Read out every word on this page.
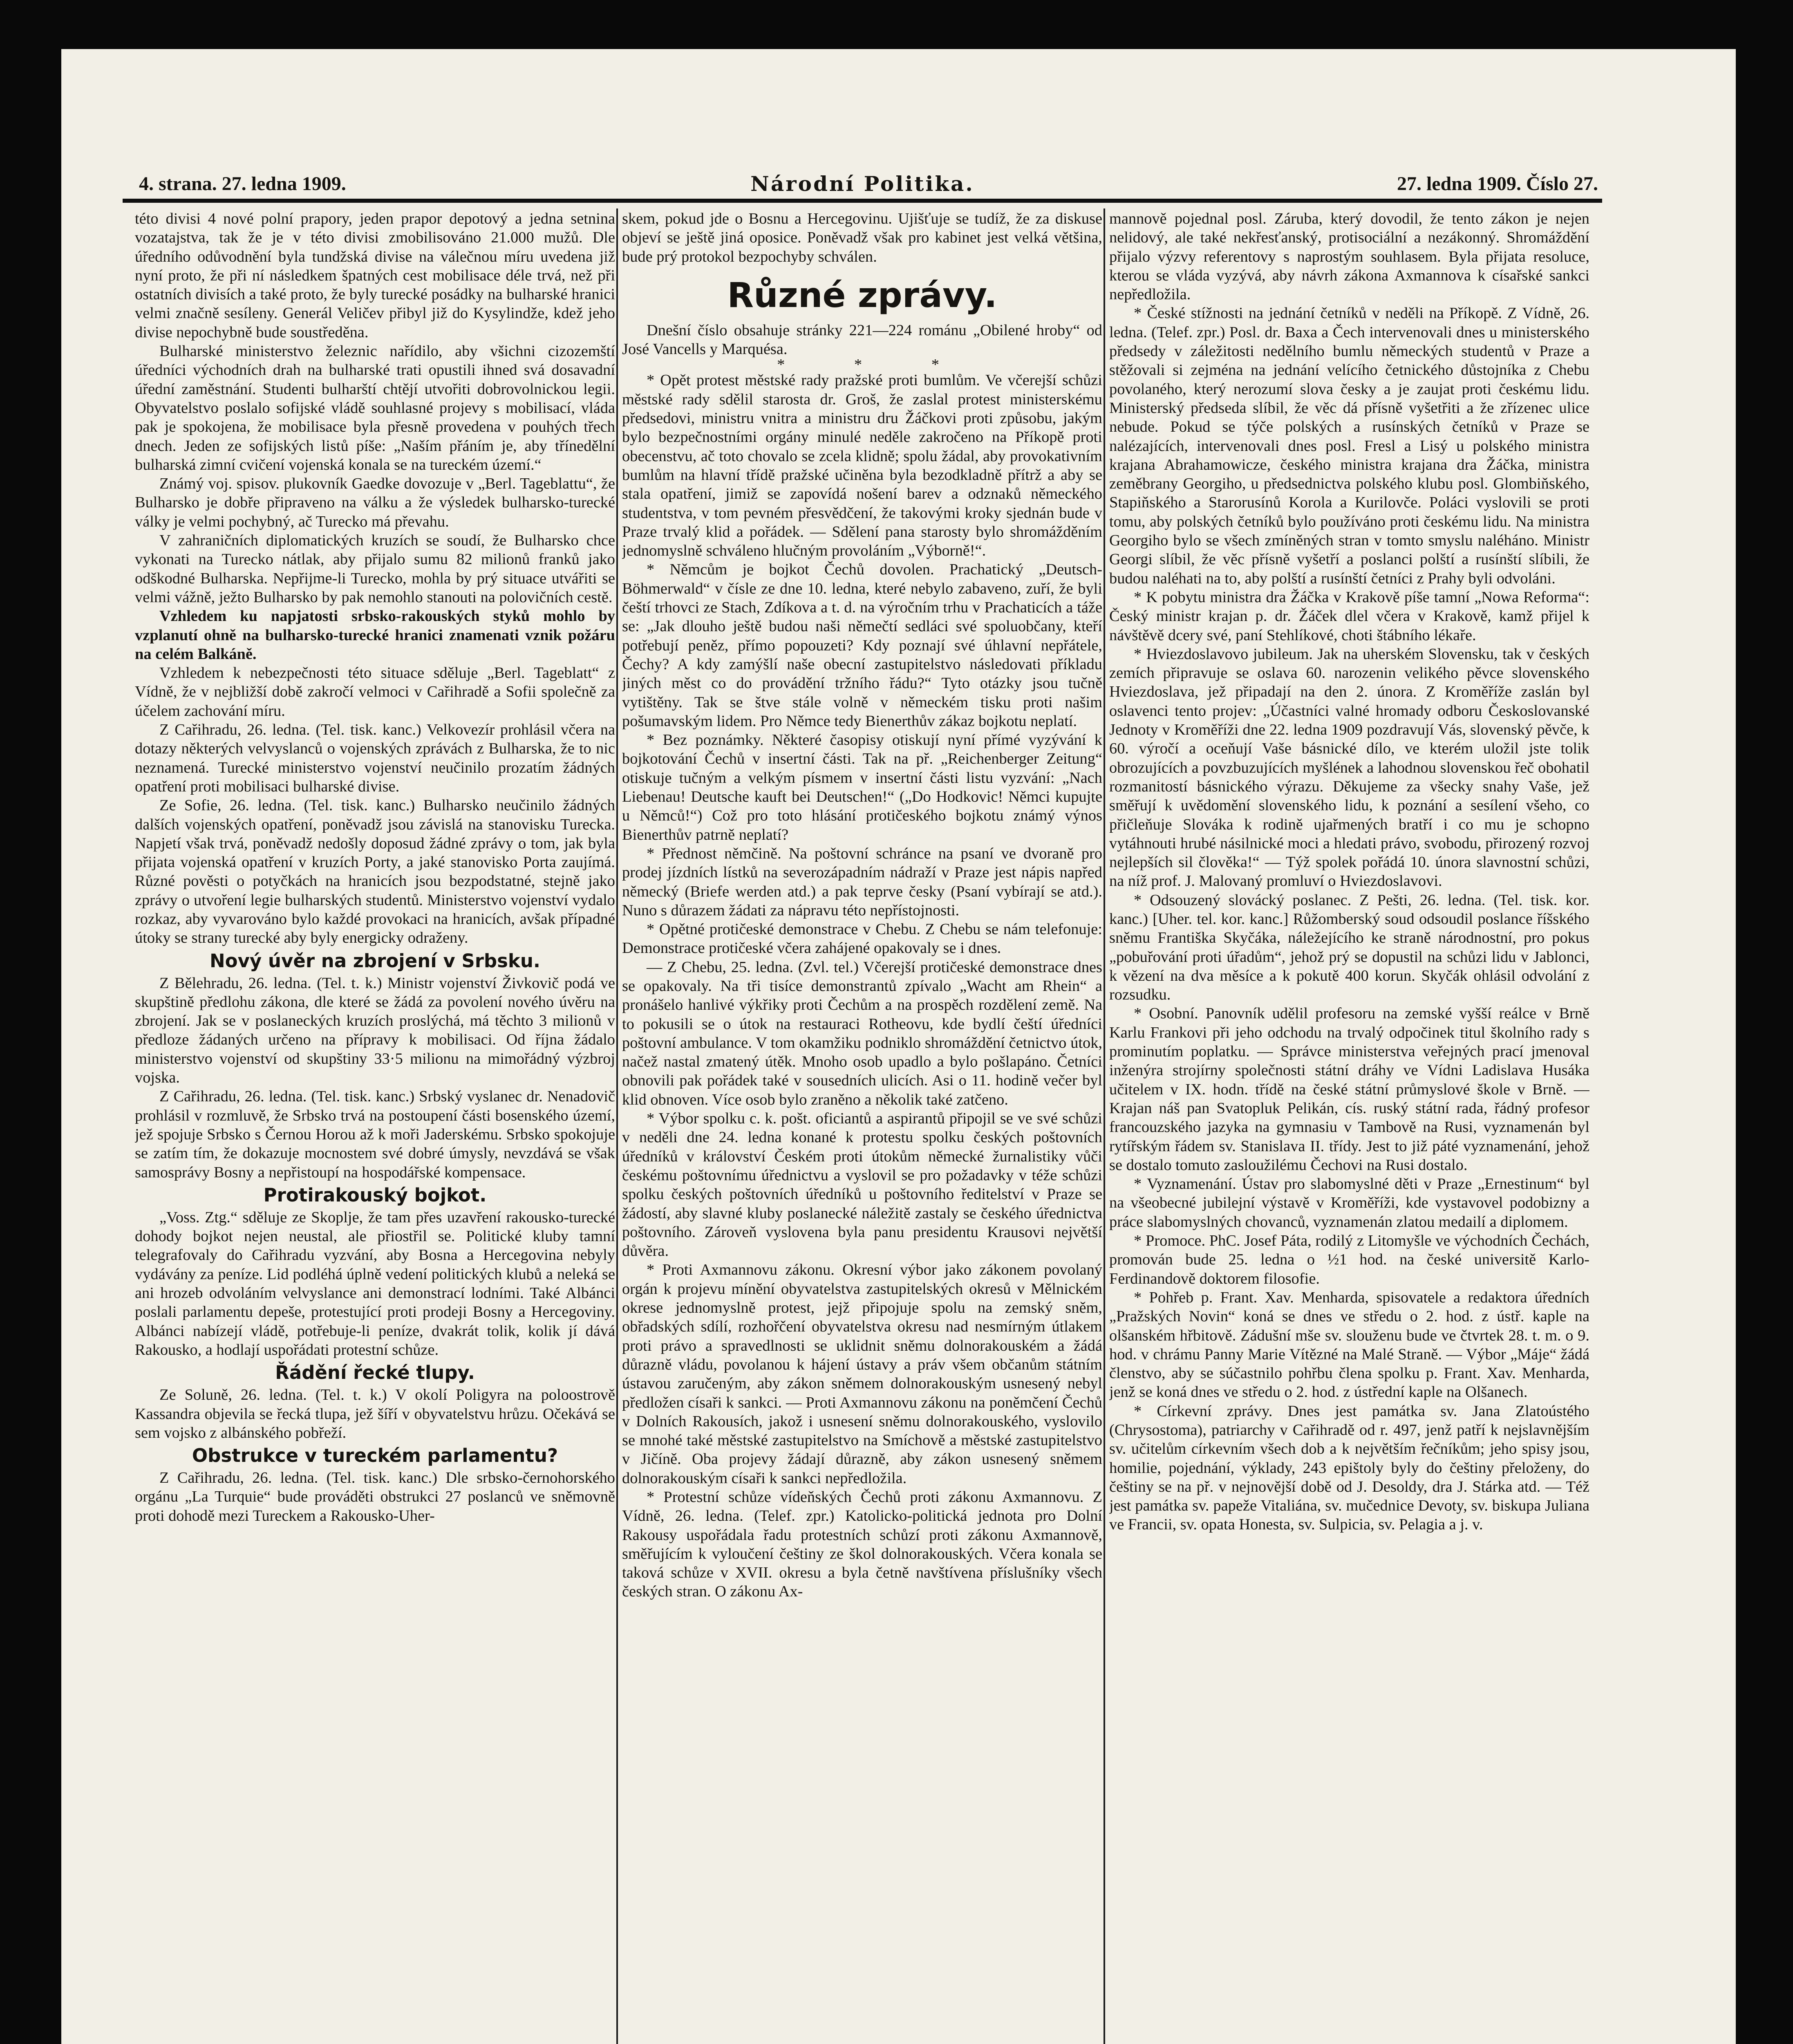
4. strana. 27. ledna 1909.	Národní Politika.	27. ledna 1909. Číslo 27.

této divisi 4 nové polní prapory, jeden prapor depotový a jedna setnina vozatajstva, tak že je v této divisi zmobilisováno 21.000 mužů. Dle úředního odůvodnění byla tundžská divise na válečnou míru uvedena již nyní proto, že při ní následkem špatných cest mobilisace déle trvá, než při ostatních divisích a také proto, že byly turecké posádky na bulharské hranici velmi značně sesíleny. Generál Veličev přibyl již do Kysylindže, kdež jeho divise nepochybně bude soustředěna.

Bulharské ministerstvo železnic nařídilo, aby všichni cizozemští úředníci východních drah na bulharské trati opustili ihned svá dosavadní úřední zaměstnání. Studenti bulharští chtějí utvořiti dobrovolnickou legii. Obyvatelstvo poslalo sofijské vládě souhlasné projevy s mobilisací, vláda pak je spokojena, že mobilisace byla přesně provedena v pouhých třech dnech. Jeden ze sofijských listů píše: „Naším přáním je, aby třínedělní bulharská zimní cvičení vojenská konala se na tureckém území.“

Známý voj. spisov. plukovník Gaedke dovozuje v „Berl. Tageblattu“, že Bulharsko je dobře připraveno na válku a že výsledek bulharsko-turecké války je velmi pochybný, ač Turecko má převahu.

V zahraničních diplomatických kruzích se soudí, že Bulharsko chce vykonati na Turecko nátlak, aby přijalo sumu 82 milionů franků jako odškodné Bulharska. Nepřijme-li Turecko, mohla by prý situace utvářiti se velmi vážně, ježto Bulharsko by pak nemohlo stanouti na polovičních cestě.

Vzhledem ku napjatosti srbsko-rakouských styků mohlo by vzplanutí ohně na bulharsko-turecké hranici znamenati vznik požáru na celém Balkáně.

Vzhledem k nebezpečnosti této situace sděluje „Berl. Tageblatt“ z Vídně, že v nejbližší době zakročí velmoci v Cařihradě a Sofii společně za účelem zachování míru.

Z Cařihradu, 26. ledna. (Tel. tisk. kanc.) Velkovezír prohlásil včera na dotazy některých velvyslanců o vojenských zprávách z Bulharska, že to nic neznamená. Turecké ministerstvo vojenství neučinilo prozatím žádných opatření proti mobilisaci bulharské divise.

Ze Sofie, 26. ledna. (Tel. tisk. kanc.) Bulharsko neučinilo žádných dalších vojenských opatření, poněvadž jsou závislá na stanovisku Turecka. Napjetí však trvá, poněvadž nedošly doposud žádné zprávy o tom, jak byla přijata vojenská opatření v kruzích Porty, a jaké stanovisko Porta zaujímá. Různé pověsti o potyčkách na hranicích jsou bezpodstatné, stejně jako zprávy o utvoření legie bulharských studentů. Ministerstvo vojenství vydalo rozkaz, aby vyvarováno bylo každé provokaci na hranicích, avšak případné útoky se strany turecké aby byly energicky odraženy.

Nový úvěr na zbrojení v Srbsku.

Z Bělehradu, 26. ledna. (Tel. t. k.) Ministr vojenství Živkovič podá ve skupštině předlohu zákona, dle které se žádá za povolení nového úvěru na zbrojení. Jak se v poslaneckých kruzích proslýchá, má těchto 3 milionů v předloze žádaných určeno na přípravy k mobilisaci. Od října žádalo ministerstvo vojenství od skupštiny 33·5 milionu na mimořádný výzbroj vojska.

Z Cařihradu, 26. ledna. (Tel. tisk. kanc.) Srbský vyslanec dr. Nenadovič prohlásil v rozmluvě, že Srbsko trvá na postoupení části bosenského území, jež spojuje Srbsko s Černou Horou až k moři Jaderskému. Srbsko spokojuje se zatím tím, že dokazuje mocnostem své dobré úmysly, nevzdává se však samosprávy Bosny a nepřistoupí na hospodářské kompensace.

Protirakouský bojkot.

„Voss. Ztg.“ sděluje ze Skoplje, že tam přes uzavření rakousko-turecké dohody bojkot nejen neustal, ale přiostřil se. Politické kluby tamní telegrafovaly do Cařihradu vyzvání, aby Bosna a Hercegovina nebyly vydávány za peníze. Lid podléhá úplně vedení politických klubů a neleká se ani hrozeb odvoláním velvyslance ani demonstrací lodními. Také Albánci poslali parlamentu depeše, protestující proti prodeji Bosny a Hercegoviny. Albánci nabízejí vládě, potřebuje-li peníze, dvakrát tolik, kolik jí dává Rakousko, a hodlají uspořádati protestní schůze.

Řádění řecké tlupy.

Ze Soluně, 26. ledna. (Tel. t. k.) V okolí Poligyra na poloostrově Kassandra objevila se řecká tlupa, jež šíří v obyvatelstvu hrůzu. Očekává se sem vojsko z albánského pobřeží.

Obstrukce v tureckém parlamentu?

Z Cařihradu, 26. ledna. (Tel. tisk. kanc.) Dle srbsko-černohorského orgánu „La Turquie“ bude prováděti obstrukci 27 poslanců ve sněmovně proti dohodě mezi Tureckem a Rakousko-Uher-

skem, pokud jde o Bosnu a Hercegovinu. Ujišťuje se tudíž, že za diskuse objeví se ještě jiná oposice. Poněvadž však pro kabinet jest velká většina, bude prý protokol bezpochyby schválen.

Různé zprávy.

Dnešní číslo obsahuje stránky 221—224 románu „Obilené hroby“ od José Vancells y Marquésa.

* * *

* Opět protest městské rady pražské proti bumlům. Ve včerejší schůzi městské rady sdělil starosta dr. Groš, že zaslal protest ministerskému předsedovi, ministru vnitra a ministru dru Žáčkovi proti způsobu, jakým bylo bezpečnostními orgány minulé neděle zakročeno na Příkopě proti obecenstvu, ač toto chovalo se zcela klidně; spolu žádal, aby provokativním bumlům na hlavní třídě pražské učiněna byla bezodkladně přítrž a aby se stala opatření, jimiž se zapovídá nošení barev a odznaků německého studentstva, v tom pevném přesvědčení, že takovými kroky sjednán bude v Praze trvalý klid a pořádek. — Sdělení pana starosty bylo shromážděním jednomyslně schváleno hlučným provoláním „Výborně!“.

* Němcům je bojkot Čechů dovolen. Prachatický „Deutsch-Böhmerwald“ v čísle ze dne 10. ledna, které nebylo zabaveno, zuří, že byli čeští trhovci ze Stach, Zdíkova a t. d. na výročním trhu v Prachaticích a táže se: „Jak dlouho ještě budou naši němečtí sedláci své spoluobčany, kteří potřebují peněz, přímo popouzeti? Kdy poznají své úhlavní nepřátele, Čechy? A kdy zamýšlí naše obecní zastupitelstvo následovati příkladu jiných měst co do provádění tržního řádu?“ Tyto otázky jsou tučně vytištěny. Tak se štve stále volně v německém tisku proti našim pošumavským lidem. Pro Němce tedy Bienerthův zákaz bojkotu neplatí.

* Bez poznámky. Některé časopisy otiskují nyní přímé vyzývání k bojkotování Čechů v insertní části. Tak na př. „Reichenberger Zeitung“ otiskuje tučným a velkým písmem v insertní části listu vyzvání: „Nach Liebenau! Deutsche kauft bei Deutschen!“ („Do Hodkovic! Němci kupujte u Němců!“) Což pro toto hlásání protičeského bojkotu známý výnos Bienerthův patrně neplatí?

* Přednost němčině. Na poštovní schránce na psaní ve dvoraně pro prodej jízdních lístků na severozápadním nádraží v Praze jest nápis napřed německý (Briefe werden atd.) a pak teprve česky (Psaní vybírají se atd.). Nuno s důrazem žádati za nápravu této nepřístojnosti.

* Opětné protičeské demonstrace v Chebu. Z Chebu se nám telefonuje: Demonstrace protičeské včera zahájené opakovaly se i dnes.

— Z Chebu, 25. ledna. (Zvl. tel.) Včerejší protičeské demonstrace dnes se opakovaly. Na tři tisíce demonstrantů zpívalo „Wacht am Rhein“ a pronášelo hanlivé výkřiky proti Čechům a na prospěch rozdělení země. Na to pokusili se o útok na restauraci Rotheovu, kde bydlí čeští úředníci poštovní ambulance. V tom okamžiku podniklo shromáždění četnictvo útok, načež nastal zmatený útěk. Mnoho osob upadlo a bylo pošlapáno. Četníci obnovili pak pořádek také v sousedních ulicích. Asi o 11. hodině večer byl klid obnoven. Více osob bylo zraněno a několik také zatčeno.

* Výbor spolku c. k. pošt. oficiantů a aspirantů připojil se ve své schůzi v neděli dne 24. ledna konané k protestu spolku českých poštovních úředníků v království Českém proti útokům německé žurnalistiky vůči českému poštovnímu úřednictvu a vyslovil se pro požadavky v téže schůzi spolku českých poštovních úředníků u poštovního ředitelství v Praze se žádostí, aby slavné kluby poslanecké náležitě zastaly se českého úřednictva poštovního. Zároveň vyslovena byla panu presidentu Krausovi největší důvěra.

* Proti Axmannovu zákonu. Okresní výbor jako zákonem povolaný orgán k projevu mínění obyvatelstva zastupitelských okresů v Mělnickém okrese jednomyslně protest, jejž připojuje spolu na zemský sněm, obřadských sdílí, rozhořčení obyvatelstva okresu nad nesmírným útlakem proti právo a spravedlnosti se uklidnit sněmu dolnorakouském a žádá důrazně vládu, povolanou k hájení ústavy a práv všem občanům státním ústavou zaručeným, aby zákon sněmem dolnorakouským usnesený nebyl předložen císaři k sankci. — Proti Axmannovu zákonu na poněmčení Čechů v Dolních Rakousích, jakož i usnesení sněmu dolnorakouského, vyslovilo se mnohé také městské zastupitelstvo na Smíchově a městské zastupitelstvo v Jičíně. Oba projevy žádají důrazně, aby zákon usnesený sněmem dolnorakouským císaři k sankci nepředložila.

* Protestní schůze vídeňských Čechů proti zákonu Axmannovu. Z Vídně, 26. ledna. (Telef. zpr.) Katolicko-politická jednota pro Dolní Rakousy uspořádala řadu protestních schůzí proti zákonu Axmannově, směřujícím k vyloučení češtiny ze škol dolnorakouských. Včera konala se taková schůze v XVII. okresu a byla četně navštívena příslušníky všech českých stran. O zákonu Ax-

mannově pojednal posl. Záruba, který dovodil, že tento zákon je nejen nelidový, ale také nekřesťanský, protisociální a nezákonný. Shromáždění přijalo výzvy referentovy s naprostým souhlasem. Byla přijata resoluce, kterou se vláda vyzývá, aby návrh zákona Axmannova k císařské sankci nepředložila.

* České stížnosti na jednání četníků v neděli na Příkopě. Z Vídně, 26. ledna. (Telef. zpr.) Posl. dr. Baxa a Čech intervenovali dnes u ministerského předsedy v záležitosti nedělního bumlu německých studentů v Praze a stěžovali si zejména na jednání velícího četnického důstojníka z Chebu povolaného, který nerozumí slova česky a je zaujat proti českému lidu. Ministerský předseda slíbil, že věc dá přísně vyšetřiti a že zřízenec ulice nebude. Pokud se týče polských a rusínských četníků v Praze se nalézajících, intervenovali dnes posl. Fresl a Lisý u polského ministra krajana Abrahamowicze, českého ministra krajana dra Žáčka, ministra zeměbrany Georgiho, u předsednictva polského klubu posl. Glombiňského, Stapiňského a Starorusínů Korola a Kurilovče. Poláci vyslovili se proti tomu, aby polských četníků bylo používáno proti českému lidu. Na ministra Georgiho bylo se všech zmíněných stran v tomto smyslu naléháno. Ministr Georgi slíbil, že věc přísně vyšetří a poslanci polští a rusínští slíbili, že budou naléhati na to, aby polští a rusínští četníci z Prahy byli odvoláni.

* K pobytu ministra dra Žáčka v Krakově píše tamní „Nowa Reforma“: Český ministr krajan p. dr. Žáček dlel včera v Krakově, kamž přijel k návštěvě dcery své, paní Stehlíkové, choti štábního lékaře.

* Hviezdoslavovo jubileum. Jak na uherském Slovensku, tak v českých zemích připravuje se oslava 60. narozenin velikého pěvce slovenského Hviezdoslava, jež připadají na den 2. února. Z Kroměříže zaslán byl oslavenci tento projev: „Účastníci valné hromady odboru Českoslovanské Jednoty v Kroměříži dne 22. ledna 1909 pozdravují Vás, slovenský pěvče, k 60. výročí a oceňují Vaše básnické dílo, ve kterém uložil jste tolik obrozujících a povzbuzujících myšlének a lahodnou slovenskou řeč obohatil rozmanitostí básnického výrazu. Děkujeme za všecky snahy Vaše, jež směřují k uvědomění slovenského lidu, k poznání a sesílení všeho, co přičleňuje Slováka k rodině ujařmených bratří i co mu je schopno vytáhnouti hrubé násilnické moci a hledati právo, svobodu, přirozený rozvoj nejlepších sil člověka!“ — Týž spolek pořádá 10. února slavnostní schůzi, na níž prof. J. Malovaný promluví o Hviezdoslavovi.

* Odsouzený slovácký poslanec. Z Pešti, 26. ledna. (Tel. tisk. kor. kanc.) [Uher. tel. kor. kanc.] Růžomberský soud odsoudil poslance říšského sněmu Františka Skyčáka, náležejícího ke straně národnostní, pro pokus „pobuřování proti úřadům“, jehož prý se dopustil na schůzi lidu v Jablonci, k vězení na dva měsíce a k pokutě 400 korun. Skyčák ohlásil odvolání z rozsudku.

* Osobní. Panovník udělil profesoru na zemské vyšší reálce v Brně Karlu Frankovi při jeho odchodu na trvalý odpočinek titul školního rady s prominutím poplatku. — Správce ministerstva veřejných prací jmenoval inženýra strojírny společnosti státní dráhy ve Vídni Ladislava Husáka učitelem v IX. hodn. třídě na české státní průmyslové škole v Brně. — Krajan náš pan Svatopluk Pelikán, cís. ruský státní rada, řádný profesor francouzského jazyka na gymnasiu v Tambově na Rusi, vyznamenán byl rytířským řádem sv. Stanislava II. třídy. Jest to již páté vyznamenání, jehož se dostalo tomuto zasloužilému Čechovi na Rusi dostalo.

* Vyznamenání. Ústav pro slabomyslné děti v Praze „Ernestinum“ byl na všeobecné jubilejní výstavě v Kroměříži, kde vystavovel podobizny a práce slabomyslných chovanců, vyznamenán zlatou medailí a diplomem.

* Promoce. PhC. Josef Páta, rodilý z Litomyšle ve východních Čechách, promován bude 25. ledna o ½1 hod. na české universitě Karlo-Ferdinandově doktorem filosofie.

* Pohřeb p. Frant. Xav. Menharda, spisovatele a redaktora úředních „Pražských Novin“ koná se dnes ve středu o 2. hod. z ústř. kaple na olšanském hřbitově. Zádušní mše sv. slouženu bude ve čtvrtek 28. t. m. o 9. hod. v chrámu Panny Marie Vítězné na Malé Straně. — Výbor „Máje“ žádá členstvo, aby se súčastnilo pohřbu člena spolku p. Frant. Xav. Menharda, jenž se koná dnes ve středu o 2. hod. z ústřední kaple na Olšanech.

* Církevní zprávy. Dnes jest památka sv. Jana Zlatoústého (Chrysostoma), patriarchy v Cařihradě od r. 497, jenž patří k nejslavnějším sv. učitelům církevním všech dob a k největším řečníkům; jeho spisy jsou, homilie, pojednání, výklady, 243 epištoly byly do češtiny přeloženy, do češtiny se na př. v nejnovější době od J. Desoldy, dra J. Stárka atd. — Též jest památka sv. papeže Vitaliána, sv. mučednice Devoty, sv. biskupa Juliana ve Francii, sv. opata Honesta, sv. Sulpicia, sv. Pelagia a j. v.
